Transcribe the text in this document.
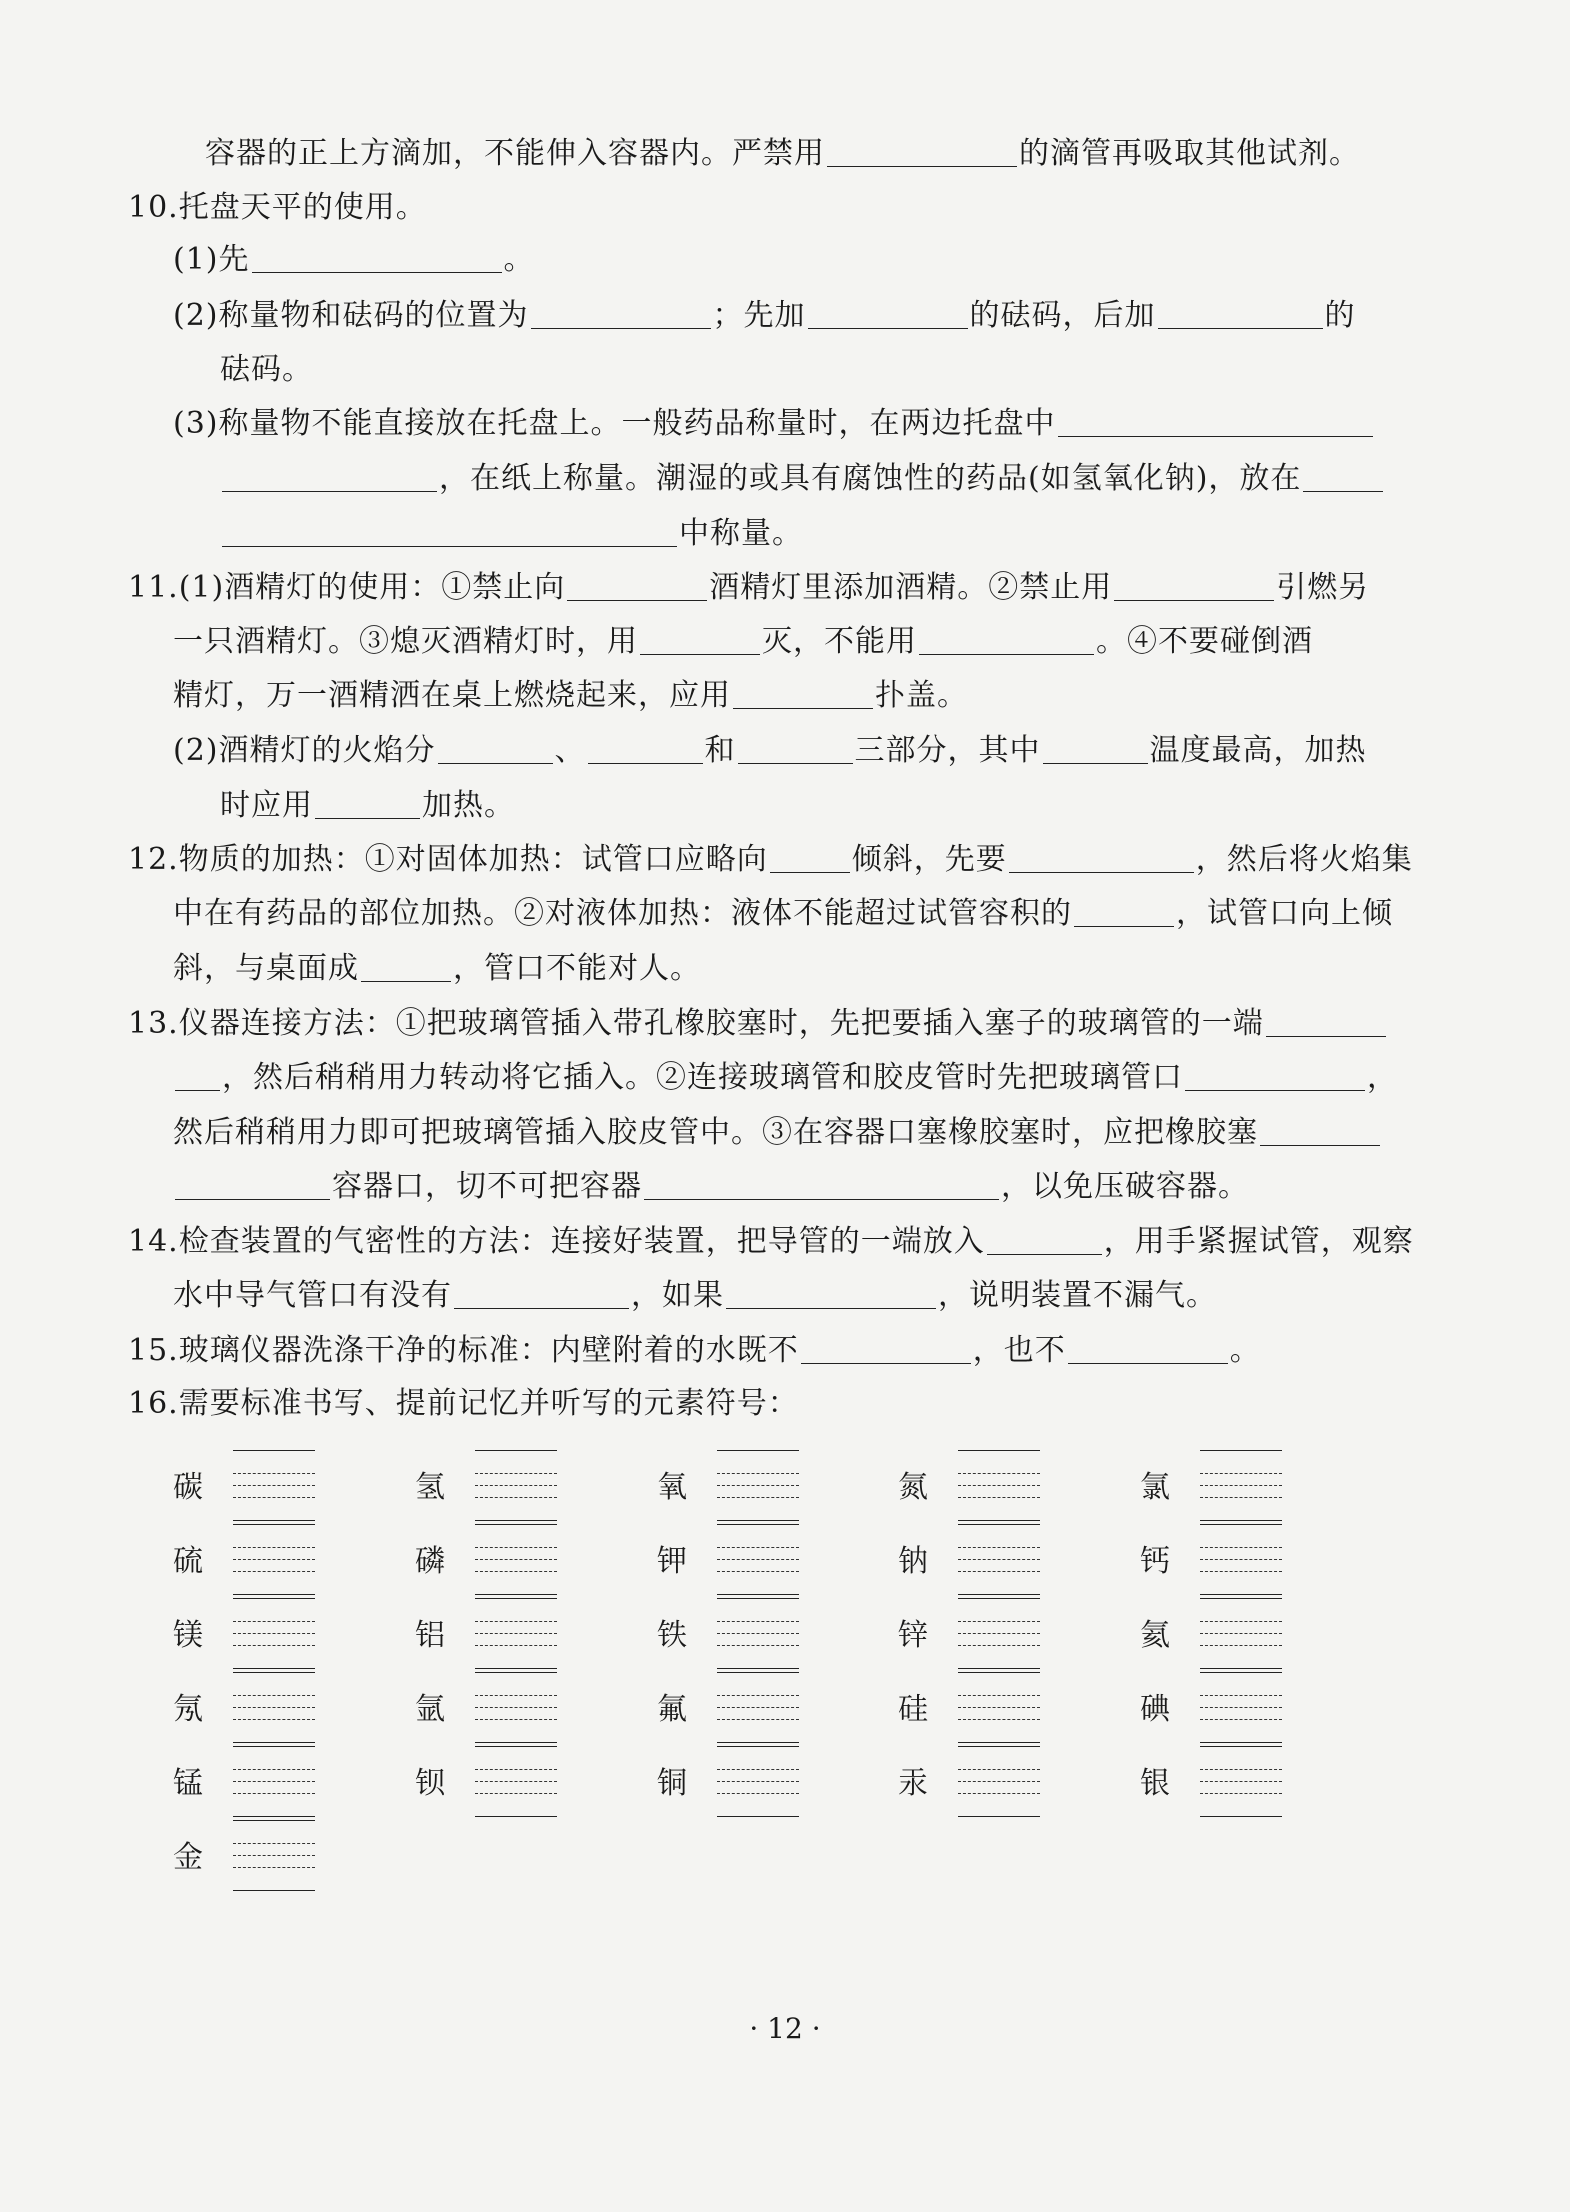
容器的正上方滴加，不能伸入容器内。严禁用	的滴管再吸取其他试剂。
10.托盘天平的使用。
(1)先	。
(2)称量物和砝码的位置为	；先加	的砝码，后加	的
砝码。
(3)称量物不能直接放在托盘上。一般药品称量时，在两边托盘中
，在纸上称量。潮湿的或具有腐蚀性的药品(如氢氧化钠)，放在
中称量。
11.(1)酒精灯的使用：①禁止向	酒精灯里添加酒精。②禁止用	引燃另
一只酒精灯。③熄灭酒精灯时，用	灭，不能用	。④不要碰倒酒
精灯，万一酒精洒在桌上燃烧起来，应用	扑盖。
(2)酒精灯的火焰分	、	和	三部分，其中	温度最高，加热
时应用	加热。
12.物质的加热：①对固体加热：试管口应略向	倾斜，先要	，然后将火焰集
中在有药品的部位加热。②对液体加热：液体不能超过试管容积的	，试管口向上倾
斜，与桌面成	，管口不能对人。
13.仪器连接方法：①把玻璃管插入带孔橡胶塞时，先把要插入塞子的玻璃管的一端
，然后稍稍用力转动将它插入。②连接玻璃管和胶皮管时先把玻璃管口	，
然后稍稍用力即可把玻璃管插入胶皮管中。③在容器口塞橡胶塞时，应把橡胶塞
容器口，切不可把容器	，以免压破容器。
14.检查装置的气密性的方法：连接好装置，把导管的一端放入	，用手紧握试管，观察
水中导气管口有没有	，如果	，说明装置不漏气。
15.玻璃仪器洗涤干净的标准：内壁附着的水既不	，也不	。
16.需要标准书写、提前记忆并听写的元素符号：
碳	氢	氧	氮	氯
硫	磷	钾	钠	钙
镁	铝	铁	锌	氦
氖	氩	氟	硅	碘
锰	钡	铜	汞	银
金
· 12 ·
